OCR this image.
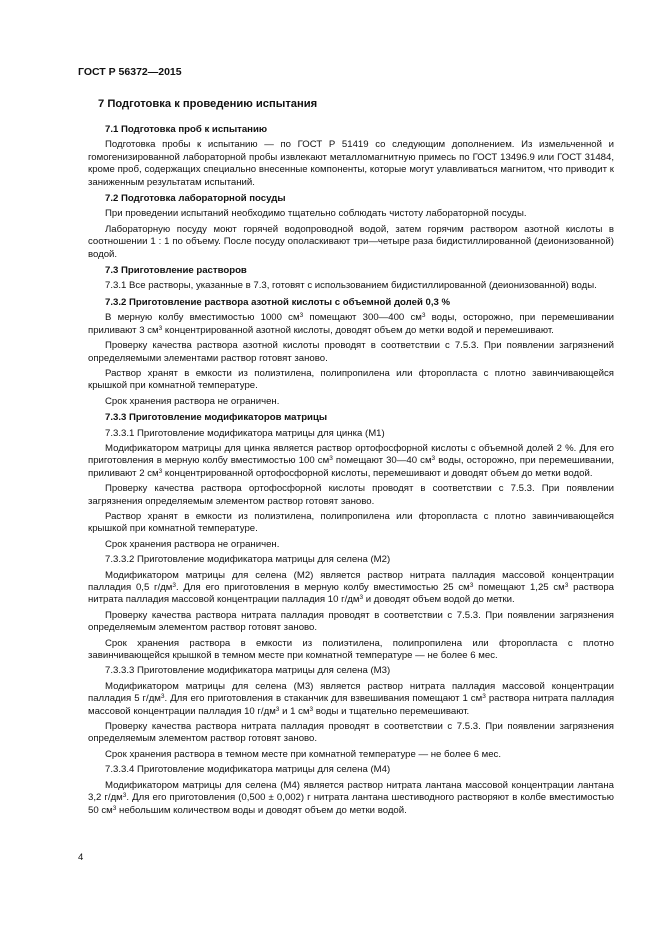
ГОСТ Р 56372—2015
7 Подготовка к проведению испытания
7.1 Подготовка проб к испытанию

Подготовка пробы к испытанию — по ГОСТ Р 51419 со следующим дополнением. Из измельченной и гомогенизированной лабораторной пробы извлекают металломагнитную примесь по ГОСТ 13496.9 или ГОСТ 31484, кроме проб, содержащих специально внесенные компоненты, которые могут улавливаться магнитом, что приводит к заниженным результатам испытаний.

7.2 Подготовка лабораторной посуды

При проведении испытаний необходимо тщательно соблюдать чистоту лабораторной посуды.

Лабораторную посуду моют горячей водопроводной водой, затем горячим раствором азотной кислоты в соотношении 1 : 1 по объему. После посуду ополаскивают три—четыре раза бидистиллированной (деионизованной) водой.

7.3 Приготовление растворов

7.3.1 Все растворы, указанные в 7.3, готовят с использованием бидистиллированной (деионизованной) воды.

7.3.2 Приготовление раствора азотной кислоты с объемной долей 0,3 %

В мерную колбу вместимостью 1000 $см^3$ помещают 300—400 $см^3$ воды, осторожно, при перемешивании приливают 3 $см^3$ концентрированной азотной кислоты, доводят объем до метки водой и перемешивают.

Проверку качества раствора азотной кислоты проводят в соответствии с 7.5.3. При появлении загрязнений определяемыми элементами раствор готовят заново.

Раствор хранят в емкости из полиэтилена, полипропилена или фторопласта с плотно завинчивающейся крышкой при комнатной температуре.

Срок хранения раствора не ограничен.

7.3.3 Приготовление модификаторов матрицы

7.3.3.1 Приготовление модификатора матрицы для цинка (М1)

Модификатором матрицы для цинка является раствор ортофосфорной кислоты с объемной долей 2 %. Для его приготовления в мерную колбу вместимостью 100 $см^3$ помещают 30—40 $см^3$ воды, осторожно, при перемешивании, приливают 2 $см^3$ концентрированной ортофосфорной кислоты, перемешивают и доводят объем до метки водой.

Проверку качества раствора ортофосфорной кислоты проводят в соответствии с 7.5.3. При появлении загрязнения определяемым элементом раствор готовят заново.

Раствор хранят в емкости из полиэтилена, полипропилена или фторопласта с плотно завинчивающейся крышкой при комнатной температуре.

Срок хранения раствора не ограничен.

7.3.3.2 Приготовление модификатора матрицы для селена (М2)

Модификатором матрицы для селена (М2) является раствор нитрата палладия массовой концентрации палладия 0,5 $г/дм^3$. Для его приготовления в мерную колбу вместимостью 25 $см^3$ помещают 1,25 $см^3$ раствора нитрата палладия массовой концентрации палладия 10 $г/дм^3$ и доводят объем водой до метки.

Проверку качества раствора нитрата палладия проводят в соответствии с 7.5.3. При появлении загрязнения определяемым элементом раствор готовят заново.

Срок хранения раствора в емкости из полиэтилена, полипропилена или фторопласта с плотно завинчивающейся крышкой в темном месте при комнатной температуре — не более 6 мес.

7.3.3.3 Приготовление модификатора матрицы для селена (М3)

Модификатором матрицы для селена (М3) является раствор нитрата палладия массовой концентрации палладия 5 $г/дм^3$. Для его приготовления в стаканчик для взвешивания помещают 1 $см^3$ раствора нитрата палладия массовой концентрации палладия 10 $г/дм^3$ и 1 $см^3$ воды и тщательно перемешивают.

Проверку качества раствора нитрата палладия проводят в соответствии с 7.5.3. При появлении загрязнения определяемым элементом раствор готовят заново.

Срок хранения раствора в темном месте при комнатной температуре — не более 6 мес.

7.3.3.4 Приготовление модификатора матрицы для селена (М4)

Модификатором матрицы для селена (М4) является раствор нитрата лантана массовой концентрации лантана 3,2 $г/дм^3$. Для его приготовления (0,500 ± 0,002) г нитрата лантана шестиводного растворяют в колбе вместимостью 50 $см^3$ небольшим количеством воды и доводят объем до метки водой.

4
